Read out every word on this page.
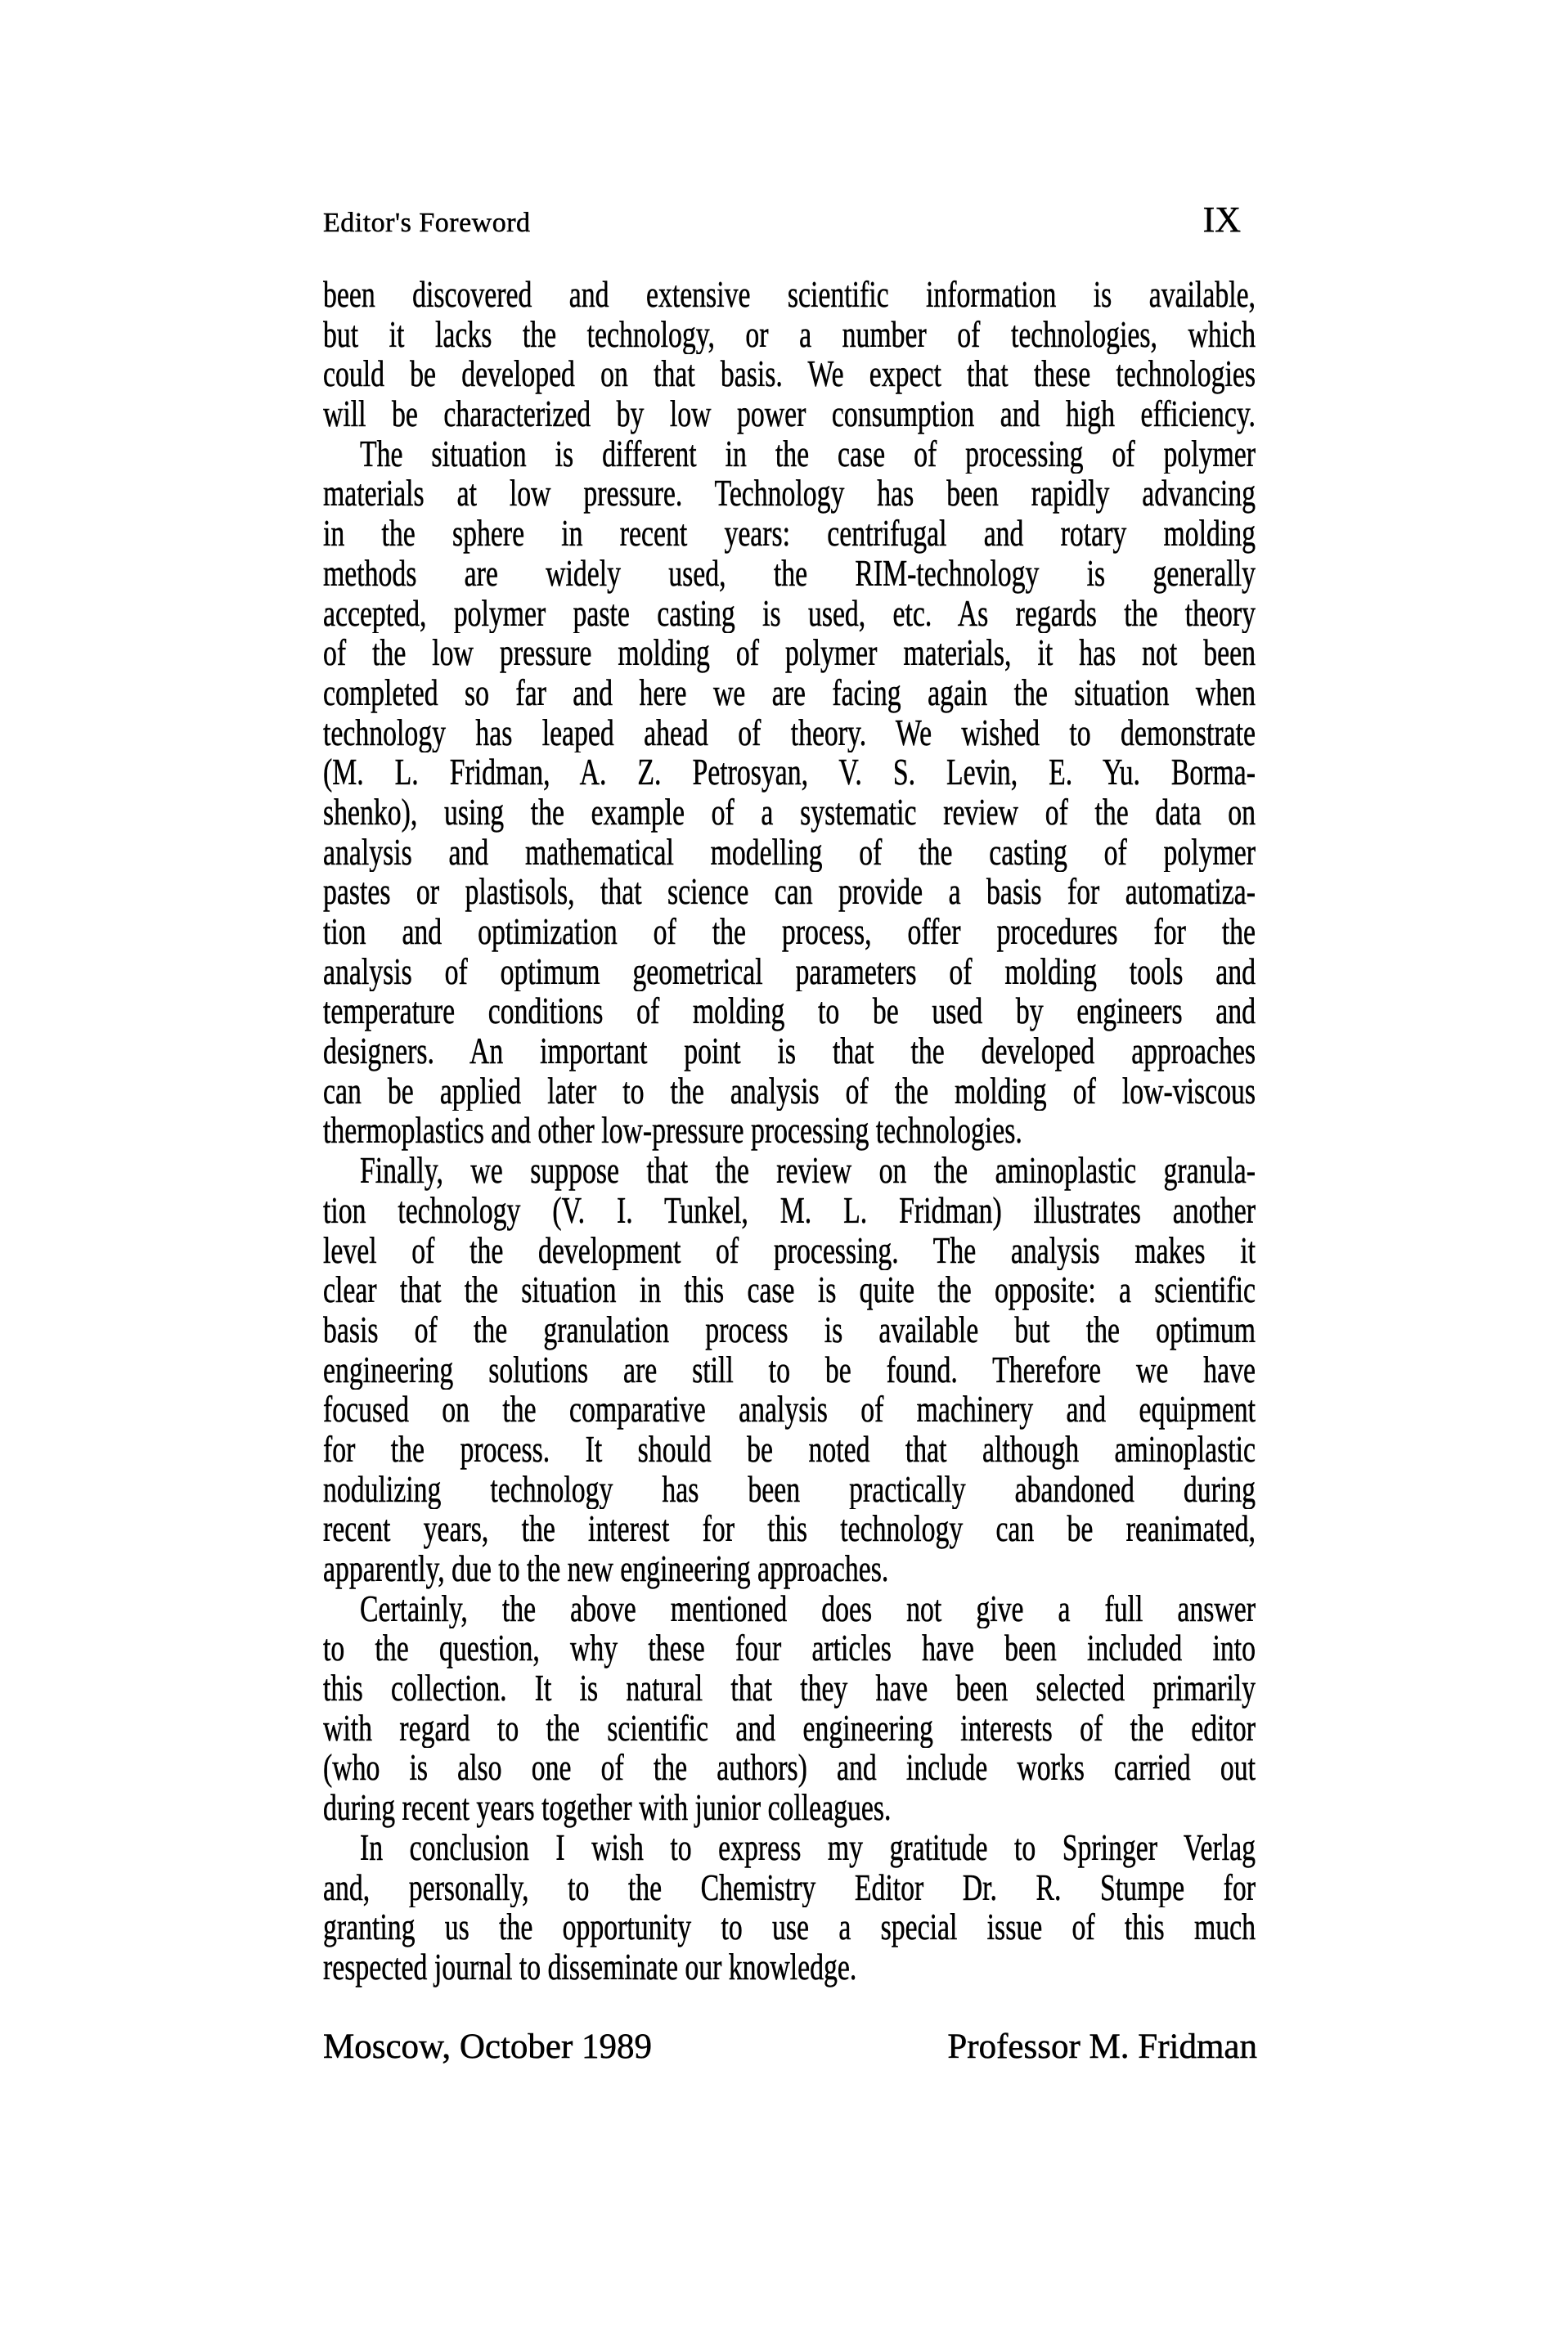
Editor's Foreword	IX
been discovered and extensive scientific information is available,
but it lacks the technology, or a number of technologies, which
could be developed on that basis. We expect that these technologies
will be characterized by low power consumption and high efficiency.
The situation is different in the case of processing of polymer
materials at low pressure. Technology has been rapidly advancing
in the sphere in recent years: centrifugal and rotary molding
methods are widely used, the RIM-technology is generally
accepted, polymer paste casting is used, etc. As regards the theory
of the low pressure molding of polymer materials, it has not been
completed so far and here we are facing again the situation when
technology has leaped ahead of theory. We wished to demonstrate
(M. L. Fridman, A. Z. Petrosyan, V. S. Levin, E. Yu. Borma-
shenko), using the example of a systematic review of the data on
analysis and mathematical modelling of the casting of polymer
pastes or plastisols, that science can provide a basis for automatiza-
tion and optimization of the process, offer procedures for the
analysis of optimum geometrical parameters of molding tools and
temperature conditions of molding to be used by engineers and
designers. An important point is that the developed approaches
can be applied later to the analysis of the molding of low-viscous
thermoplastics and other low-pressure processing technologies.
Finally, we suppose that the review on the aminoplastic granula-
tion technology (V. I. Tunkel, M. L. Fridman) illustrates another
level of the development of processing. The analysis makes it
clear that the situation in this case is quite the opposite: a scientific
basis of the granulation process is available but the optimum
engineering solutions are still to be found. Therefore we have
focused on the comparative analysis of machinery and equipment
for the process. It should be noted that although aminoplastic
nodulizing technology has been practically abandoned during
recent years, the interest for this technology can be reanimated,
apparently, due to the new engineering approaches.
Certainly, the above mentioned does not give a full answer
to the question, why these four articles have been included into
this collection. It is natural that they have been selected primarily
with regard to the scientific and engineering interests of the editor
(who is also one of the authors) and include works carried out
during recent years together with junior colleagues.
In conclusion I wish to express my gratitude to Springer Verlag
and, personally, to the Chemistry Editor Dr. R. Stumpe for
granting us the opportunity to use a special issue of this much
respected journal to disseminate our knowledge.
Moscow, October 1989	Professor M. Fridman
